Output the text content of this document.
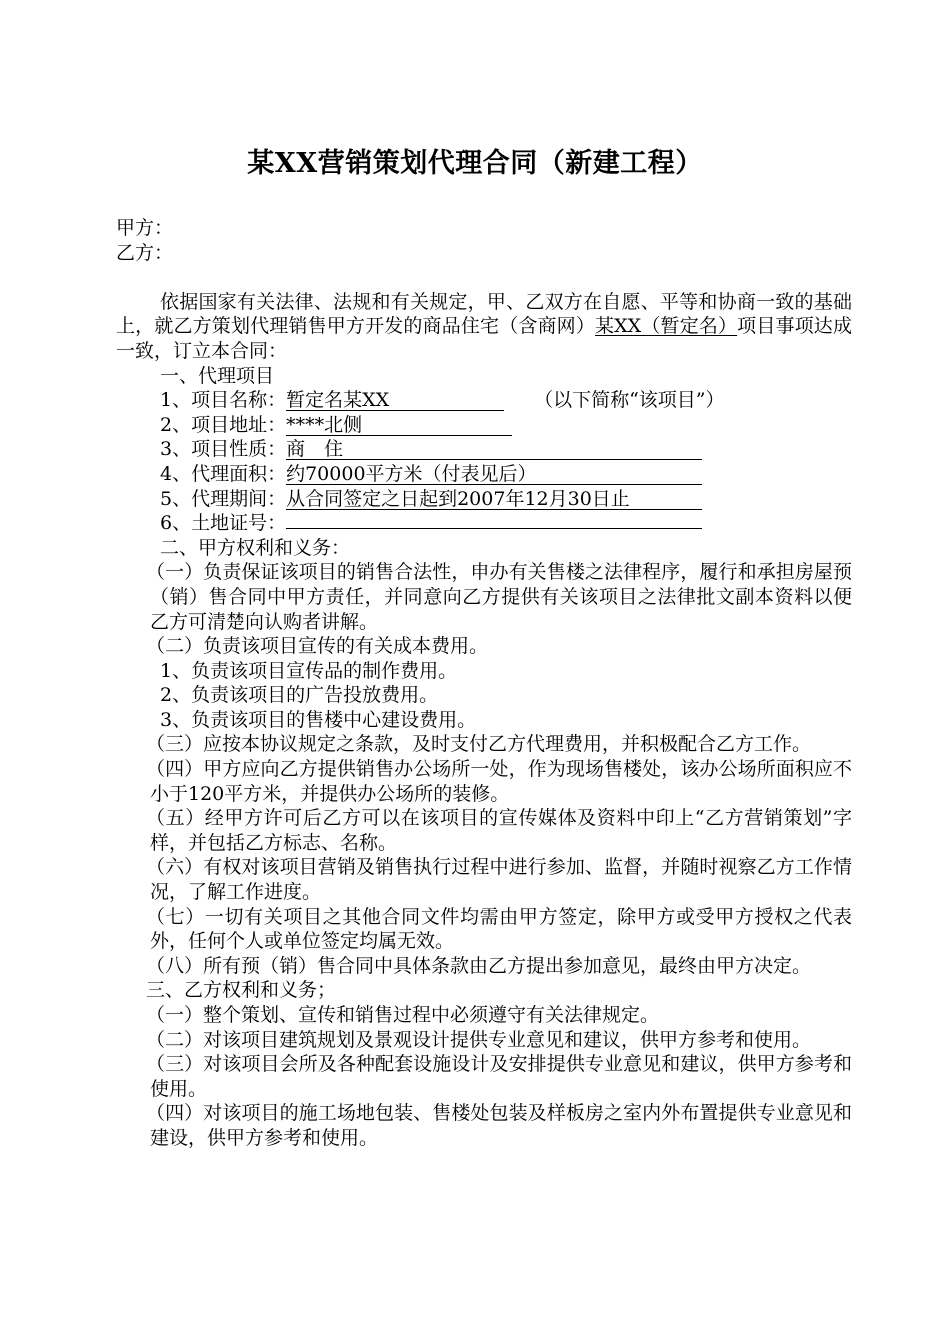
某XX营销策划代理合同（新建工程）

甲方：

乙方：

依据国家有关法律、法规和有关规定，甲、乙双方在自愿、平等和协商一致的基础上，就乙方策划代理销售甲方开发的商品住宅（含商网）某XX（暂定名）项目事项达成一致，订立本合同：

一、代理项目

1、项目名称：暂定名某XX	（以下简称“该项目”）
2、项目地址：****北侧
3、项目性质：商　住
4、代理面积：约70000平方米（付表见后）
5、代理期间：从合同签定之日起到2007年12月30日止
6、土地证号：

二、甲方权利和义务：

（一）负责保证该项目的销售合法性，申办有关售楼之法律程序，履行和承担房屋预（销）售合同中甲方责任，并同意向乙方提供有关该项目之法律批文副本资料以便乙方可清楚向认购者讲解。

（二）负责该项目宣传的有关成本费用。

1、负责该项目宣传品的制作费用。

2、负责该项目的广告投放费用。

3、负责该项目的售楼中心建设费用。

（三）应按本协议规定之条款，及时支付乙方代理费用，并积极配合乙方工作。

（四）甲方应向乙方提供销售办公场所一处，作为现场售楼处，该办公场所面积应不小于120平方米，并提供办公场所的装修。

（五）经甲方许可后乙方可以在该项目的宣传媒体及资料中印上“乙方营销策划”字样，并包括乙方标志、名称。

（六）有权对该项目营销及销售执行过程中进行参加、监督，并随时视察乙方工作情况，了解工作进度。

（七）一切有关项目之其他合同文件均需由甲方签定，除甲方或受甲方授权之代表外，任何个人或单位签定均属无效。

（八）所有预（销）售合同中具体条款由乙方提出参加意见，最终由甲方决定。

三、乙方权利和义务；

（一）整个策划、宣传和销售过程中必须遵守有关法律规定。

（二）对该项目建筑规划及景观设计提供专业意见和建议，供甲方参考和使用。

（三）对该项目会所及各种配套设施设计及安排提供专业意见和建议，供甲方参考和使用。

（四）对该项目的施工场地包装、售楼处包装及样板房之室内外布置提供专业意见和建设，供甲方参考和使用。
